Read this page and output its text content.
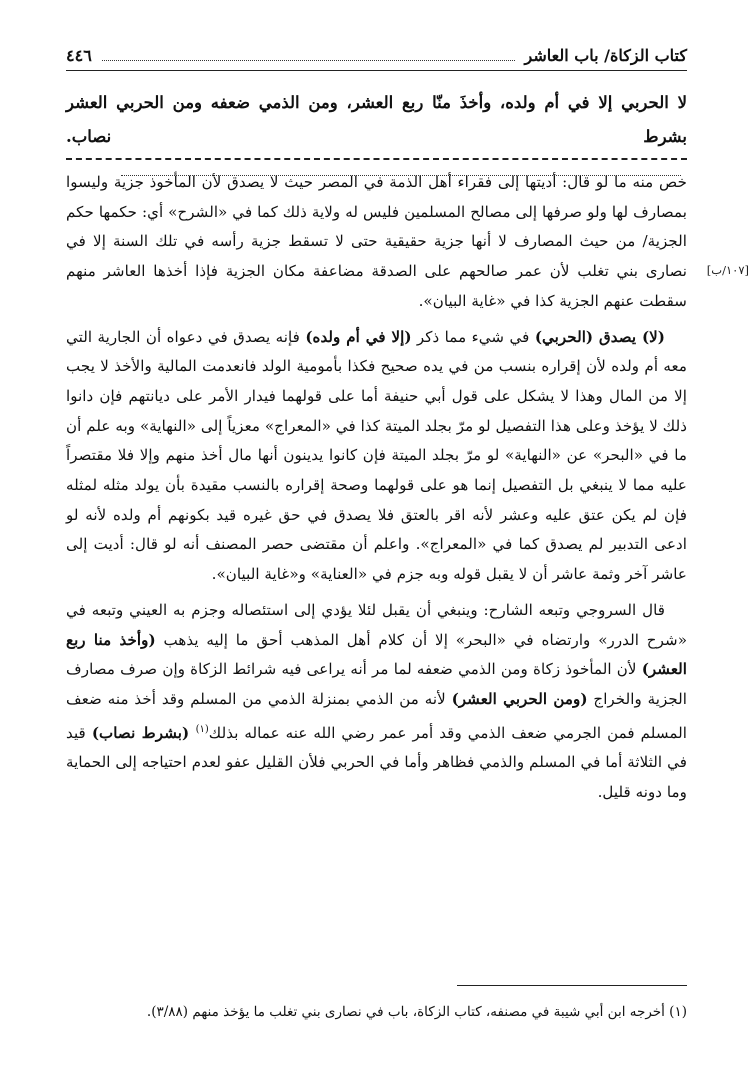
كتاب الزكاة/ باب العاشر
٤٤٦
لا الحربي إلا في أم ولده، وأخذَ منّا ربع العشر، ومن الذمي ضعفه ومن الحربي العشر بشرط نصاب.
[١٠٧/ب]

خص منه ما لو قال: أديتها إلى فقراء أهل الذمة في المصر حيث لا يصدق لأن المأخوذ جزية وليسوا بمصارف لها ولو صرفها إلى مصالح المسلمين فليس له ولاية ذلك كما في «الشرح» أي: حكمها حكم الجزية/ من حيث المصارف لا أنها جزية حقيقية حتى لا تسقط جزية رأسه في تلك السنة إلا في نصارى بني تغلب لأن عمر صالحهم على الصدقة مضاعفة مكان الجزية فإذا أخذها العاشر منهم سقطت عنهم الجزية كذا في «غاية البيان».

(لا) يصدق (الحربي) في شيء مما ذكر (إلا في أم ولده) فإنه يصدق في دعواه أن الجارية التي معه أم ولده لأن إقراره بنسب من في يده صحيح فكذا بأمومية الولد فانعدمت المالية والأخذ لا يجب إلا من المال وهذا لا يشكل على قول أبي حنيفة أما على قولهما فيدار الأمر على ديانتهم فإن دانوا ذلك لا يؤخذ وعلى هذا التفصيل لو مرّ بجلد الميتة كذا في «المعراج» معزياً إلى «النهاية» وبه علم أن ما في «البحر» عن «النهاية» لو مرّ بجلد الميتة فإن كانوا يدينون أنها مال أخذ منهم وإلا فلا مقتصراً عليه مما لا ينبغي بل التفصيل إنما هو على قولهما وصحة إقراره بالنسب مقيدة بأن يولد مثله لمثله فإن لم يكن عتق عليه وعشر لأنه اقر بالعتق فلا يصدق في حق غيره قيد بكونهم أم ولده لأنه لو ادعى التدبير لم يصدق كما في «المعراج». واعلم أن مقتضى حصر المصنف أنه لو قال: أديت إلى عاشر آخر وثمة عاشر أن لا يقبل قوله وبه جزم في «العناية» و«غاية البيان».

قال السروجي وتبعه الشارح: وينبغي أن يقبل لئلا يؤدي إلى استئصاله وجزم به العيني وتبعه في «شرح الدرر» وارتضاه في «البحر» إلا أن كلام أهل المذهب أحق ما إليه يذهب (وأخذ منا ربع العشر) لأن المأخوذ زكاة ومن الذمي ضعفه لما مر أنه يراعى فيه شرائط الزكاة وإن صرف مصارف الجزية والخراج (ومن الحربي العشر) لأنه من الذمي بمنزلة الذمي من المسلم وقد أخذ منه ضعف المسلم فمن الجرمي ضعف الذمي وقد أمر عمر رضي الله عنه عماله بذلك$^{(١)}$ (بشرط نصاب) قيد في الثلاثة أما في المسلم والذمي فظاهر وأما في الحربي فلأن القليل عفو لعدم احتياجه إلى الحماية وما دونه قليل.

(١) أخرجه ابن أبي شيبة في مصنفه، كتاب الزكاة، باب في نصارى بني تغلب ما يؤخذ منهم (٣/٨٨).
